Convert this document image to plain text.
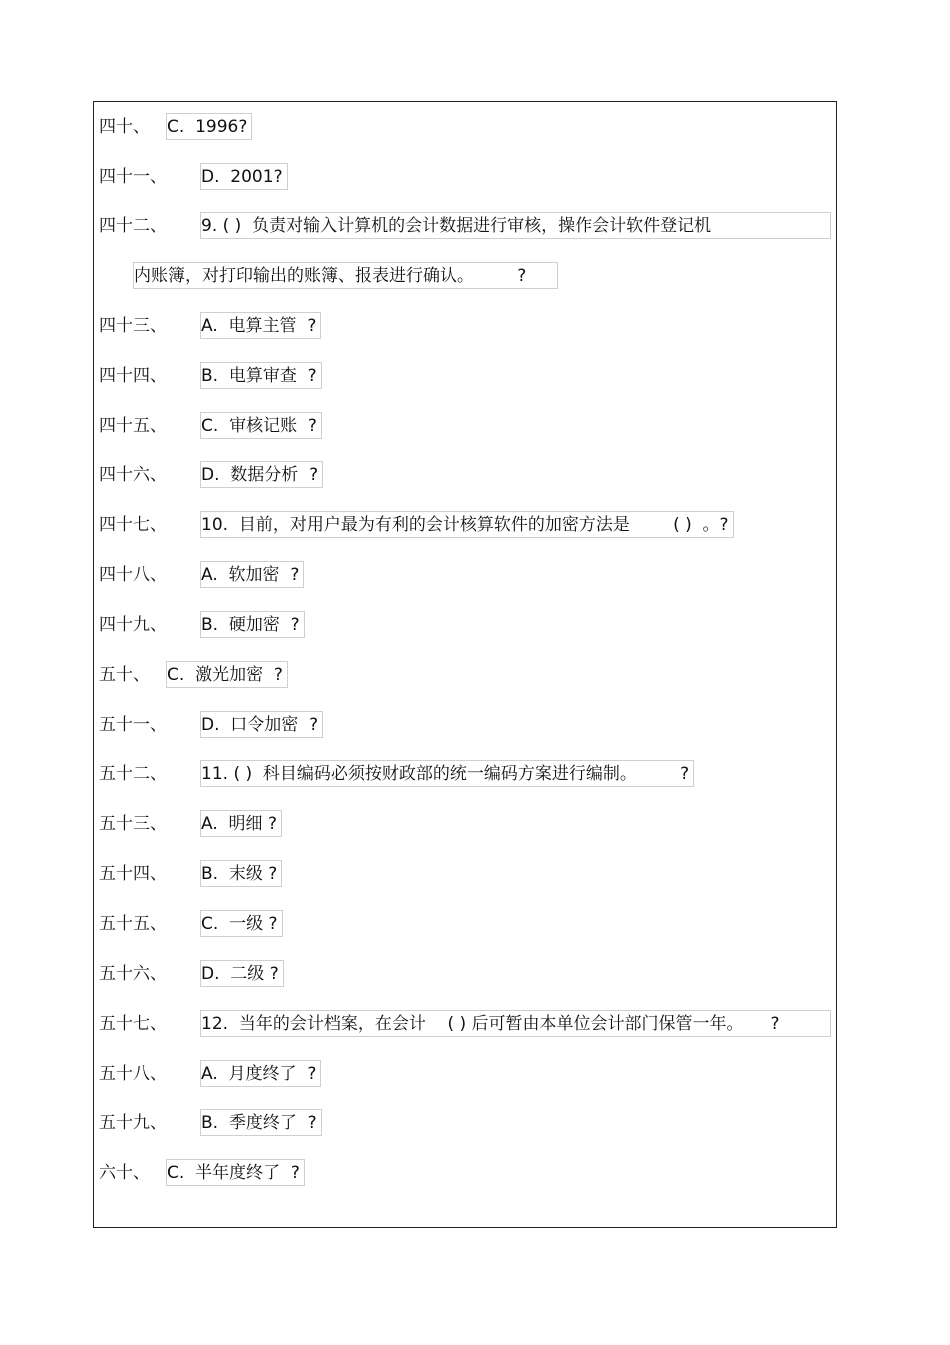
四十、 C.  1996?
四十一、 D.  2001?
四十二、 9. ( )  负责对输入计算机的会计数据进行审核，操作会计软件登记机
内账簿，对打印输出的账簿、报表进行确认。        ?
四十三、 A.  电算主管  ?
四十四、 B.  电算审查  ?
四十五、 C.  审核记账  ?
四十六、 D.  数据分析  ?
四十七、 10.  目前，对用户最为有利的会计核算软件的加密方法是        ( )  。?
四十八、 A.  软加密  ?
四十九、 B.  硬加密  ?
五十、 C.  激光加密  ?
五十一、 D.  口令加密  ?
五十二、 11. ( )  科目编码必须按财政部的统一编码方案进行编制。        ?
五十三、 A.  明细 ?
五十四、 B.  末级 ?
五十五、 C.  一级 ?
五十六、 D.  二级 ?
五十七、 12.  当年的会计档案，在会计    ( ) 后可暂由本单位会计部门保管一年。     ?
五十八、 A.  月度终了  ?
五十九、 B.  季度终了  ?
六十、 C.  半年度终了  ?
